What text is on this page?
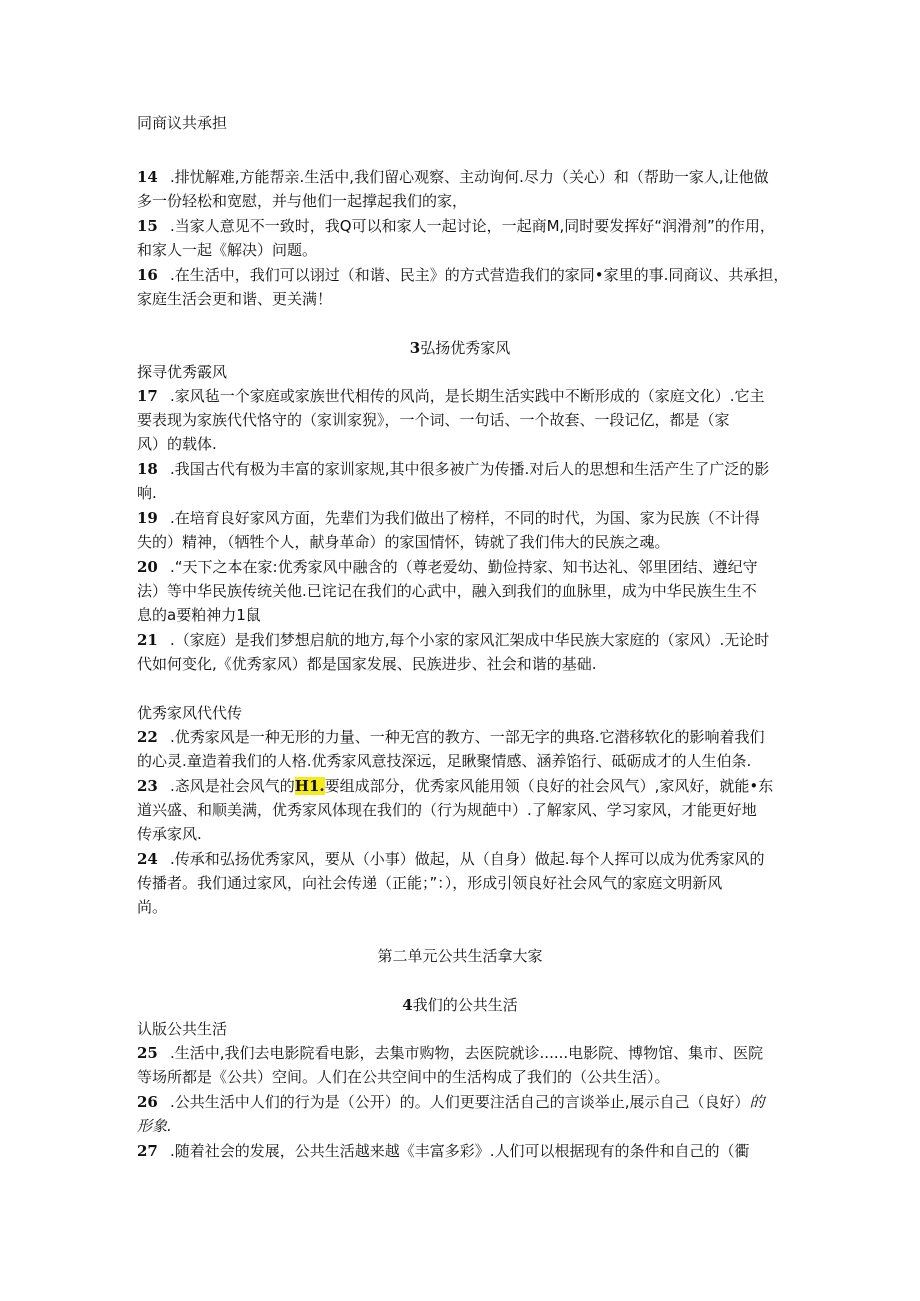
同商议共承担
14 .排忧解难,方能帮亲.生活中,我们留心观察、主动询何.尽力（关心）和（帮助一家人,让他做
多一份轻松和宽慰，并与他们一起撑起我们的家，
15 .当家人意见不一致时，我Q可以和家人一起讨论，一起商M,同时要发挥好“润滑剂”的作用，
和家人一起《解决）问题。
16 .在生活中，我们可以诩过（和谐、民主》的方式营造我们的家同•家里的事.同商议、共承担，
家庭生活会更和谐、更关满！
3弘扬优秀家风
探寻优秀霰风
17 .家风毡一个家庭或家族世代相传的风尚，是长期生活实践中不断形成的（家庭文化）.它主
要表现为家族代代恪守的（家训家猊》，一个词、一句话、一个故套、一段记亿，都是（家
风）的载体.
18 .我国古代有极为丰富的家训家规,其中很多被广为传播.对后人的思想和生活产生了广泛的影
响.
19 .在培育良好家风方面，先辈们为我们做出了榜样，不同的时代，为国、家为民族（不计得
失的）精神，（牺牲个人，献身革命）的家国情怀，铸就了我们伟大的民族之魂。
20 .“天下之本在家:优秀家风中融含的（尊老爱幼、勤俭持家、知书达礼、邻里团结、遵纪守
法）等中华民族传统关他.已诧记在我们的心武中，融入到我们的血脉里，成为中华民族生生不
息的a要粕神力1鼠
21 .（家庭）是我们梦想启航的地方,每个小家的家风汇架成中华民族大家庭的（家风）.无论时
代如何变化,《优秀家风）都是国家发展、民族进步、社会和谐的基础.
优秀家风代代传
22 .优秀家风是一种无形的力量、一种无宫的教方、一部无字的典珞.它潜移软化的影响着我们
的心灵.童造着我们的人格.优秀家风意技深远，足瞅聚情感、涵养馅行、砥砺成才的人生伯条.
23 .忞风是社会风气的H1.要组成部分，优秀家风能用领（良好的社会风气）,家风好，就能•东
道兴盛、和顺美满，优秀家风体现在我们的（行为规葩中）.了解家风、学习家风，才能更好地
传承家风.
24 .传承和弘扬优秀家风，要从（小事）做起，从（自身）做起.每个人挥可以成为优秀家风的
传播者。我们通过家风，向社会传递（正能；”：），形成引领良好社会风气的家庭文明新风
尚。
第二单元公共生活拿大家
4我们的公共生活
认版公共生活
25 .生活中,我们去电影院看电影，去集市购物，去医院就诊......电影院、博物馆、集市、医院
等场所都是《公共）空间。人们在公共空间中的生活构成了我们的（公共生活）。
26 .公共生活中人们的行为是（公开）的。人们更要注活自己的言谈举止,展示自己（良好）的
形象.
27 .随着社会的发展，公共生活越来越《丰富多彩》.人们可以根据现有的条件和自己的（衢
